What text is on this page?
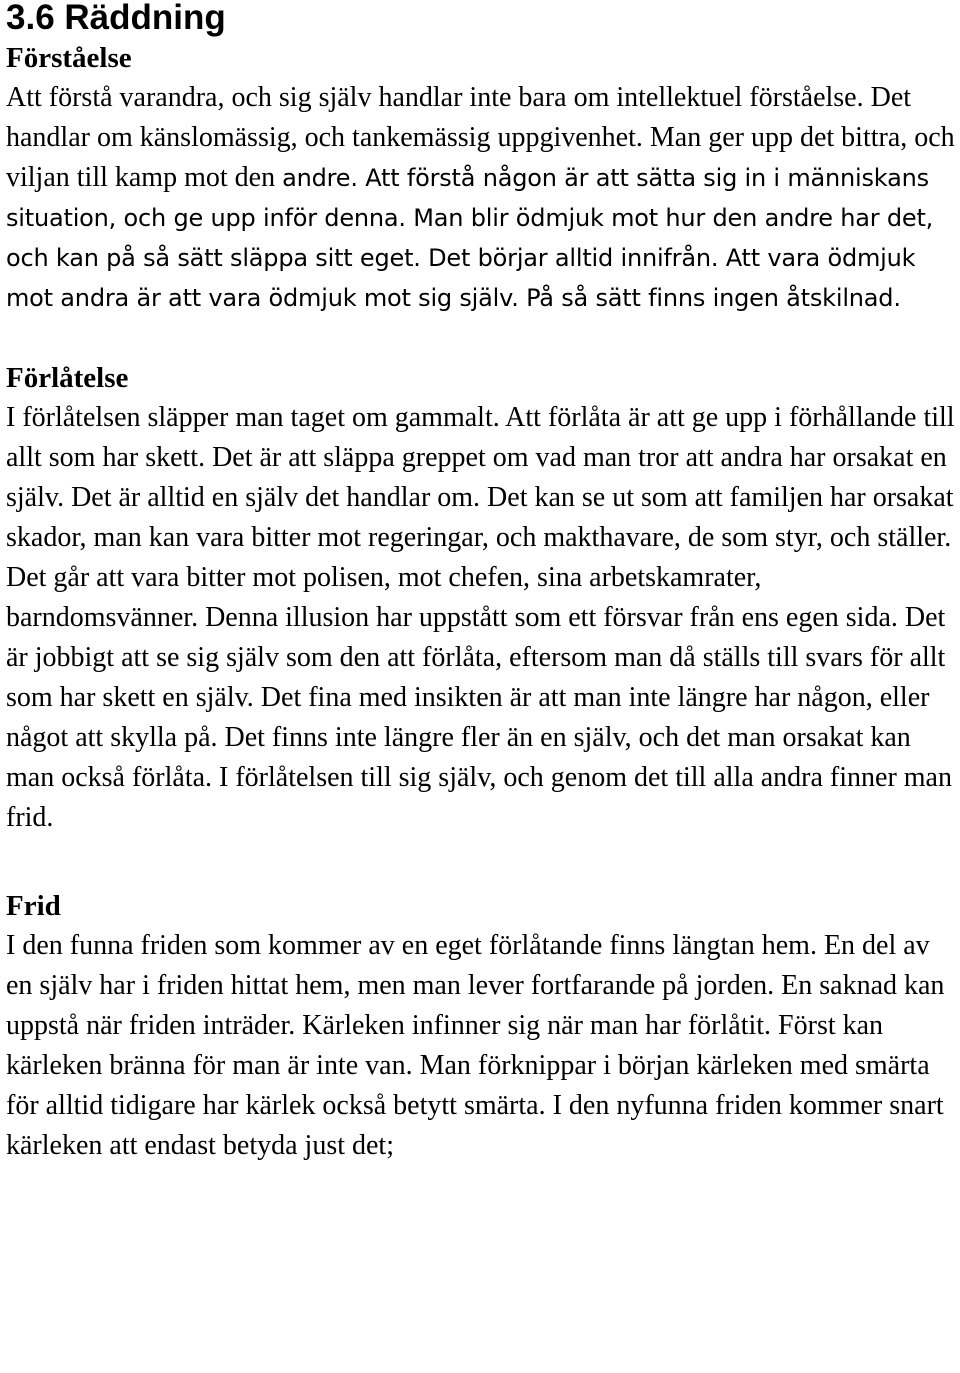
3.6 Räddning
Förståelse

Att förstå varandra, och sig själv handlar inte bara om intellektuel förståelse. Det handlar om känslomässig, och tankemässig uppgivenhet. Man ger upp det bittra, och viljan till kamp mot den andre. Att förstå någon är att sätta sig in i människans situation, och ge upp inför denna. Man blir ödmjuk mot hur den andre har det, och kan på så sätt släppa sitt eget. Det börjar alltid innifrån. Att vara ödmjuk mot andra är att vara ödmjuk mot sig själv. På så sätt finns ingen åtskilnad.

Förlåtelse

I förlåtelsen släpper man taget om gammalt. Att förlåta är att ge upp i förhållande till allt som har skett. Det är att släppa greppet om vad man tror att andra har orsakat en själv. Det är alltid en själv det handlar om. Det kan se ut som att familjen har orsakat skador, man kan vara bitter mot regeringar, och makthavare, de som styr, och ställer. Det går att vara bitter mot polisen, mot chefen, sina arbetskamrater, barndomsvänner. Denna illusion har uppstått som ett försvar från ens egen sida. Det är jobbigt att se sig själv som den att förlåta, eftersom man då ställs till svars för allt som har skett en själv. Det fina med insikten är att man inte längre har någon, eller något att skylla på. Det finns inte längre fler än en själv, och det man orsakat kan man också förlåta. I förlåtelsen till sig själv, och genom det till alla andra finner man frid.

Frid

I den funna friden som kommer av en eget förlåtande finns längtan hem. En del av en själv har i friden hittat hem, men man lever fortfarande på jorden. En saknad kan uppstå när friden inträder. Kärleken infinner sig när man har förlåtit. Först kan kärleken bränna för man är inte van. Man förknippar i början kärleken med smärta för alltid tidigare har kärlek också betytt smärta. I den nyfunna friden kommer snart kärleken att endast betyda just det;
